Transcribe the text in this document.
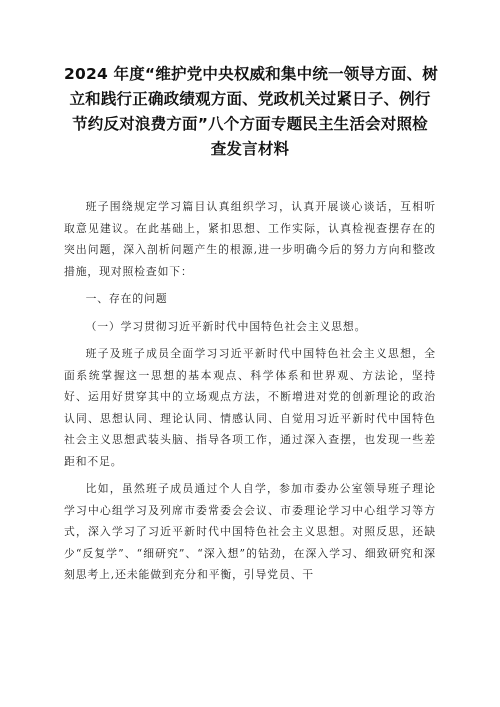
2024 年度“维护党中央权威和集中统一领导方面、树
立和践行正确政绩观方面、党政机关过紧日子、例行
节约反对浪费方面”八个方面专题民主生活会对照检
查发言材料

班子围绕规定学习篇目认真组织学习，认真开展谈心谈话，互相听取意见建议。在此基础上，紧扣思想、工作实际，认真检视查摆存在的突出问题，深入剖析问题产生的根源,进一步明确今后的努力方向和整改措施，现对照检查如下：

一、存在的问题

（一）学习贯彻习近平新时代中国特色社会主义思想。

班子及班子成员全面学习习近平新时代中国特色社会主义思想，全面系统掌握这一思想的基本观点、科学体系和世界观、方法论，坚持好、运用好贯穿其中的立场观点方法，不断增进对党的创新理论的政治认同、思想认同、理论认同、情感认同、自觉用习近平新时代中国特色社会主义思想武装头脑、指导各项工作，通过深入查摆，也发现一些差距和不足。

比如，虽然班子成员通过个人自学，参加市委办公室领导班子理论学习中心组学习及列席市委常委会会议、市委理论学习中心组学习等方式，深入学习了习近平新时代中国特色社会主义思想。对照反思，还缺少“反复学”、“细研究”、“深入想”的钻劲，在深入学习、细致研究和深刻思考上,还未能做到充分和平衡，引导党员、干
